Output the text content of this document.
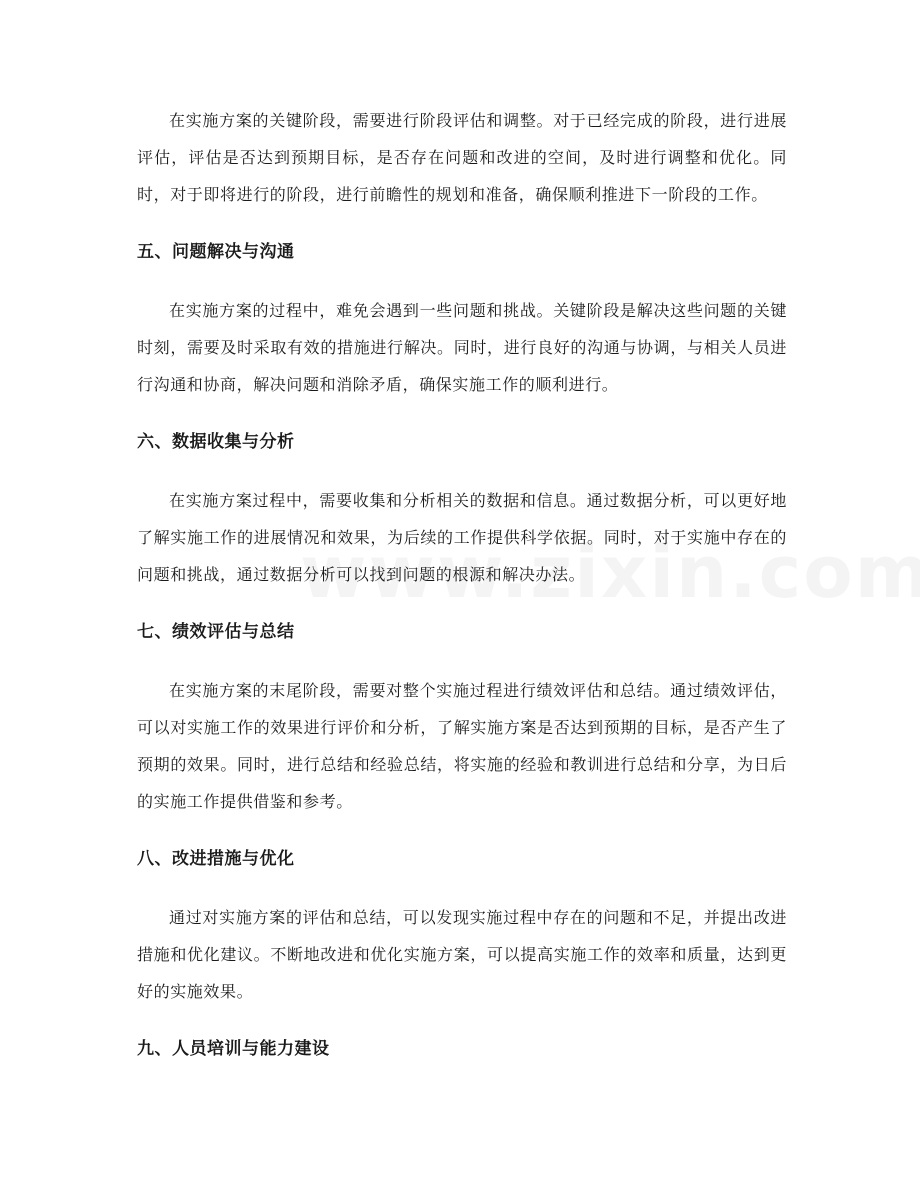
在实施方案的关键阶段，需要进行阶段评估和调整。对于已经完成的阶段，进行进展评估，评估是否达到预期目标，是否存在问题和改进的空间，及时进行调整和优化。同时，对于即将进行的阶段，进行前瞻性的规划和准备，确保顺利推进下一阶段的工作。

五、问题解决与沟通

在实施方案的过程中，难免会遇到一些问题和挑战。关键阶段是解决这些问题的关键时刻，需要及时采取有效的措施进行解决。同时，进行良好的沟通与协调，与相关人员进行沟通和协商，解决问题和消除矛盾，确保实施工作的顺利进行。

六、数据收集与分析

在实施方案过程中，需要收集和分析相关的数据和信息。通过数据分析，可以更好地了解实施工作的进展情况和效果，为后续的工作提供科学依据。同时，对于实施中存在的问题和挑战，通过数据分析可以找到问题的根源和解决办法。

七、绩效评估与总结

在实施方案的末尾阶段，需要对整个实施过程进行绩效评估和总结。通过绩效评估，可以对实施工作的效果进行评价和分析，了解实施方案是否达到预期的目标，是否产生了预期的效果。同时，进行总结和经验总结，将实施的经验和教训进行总结和分享，为日后的实施工作提供借鉴和参考。

八、改进措施与优化

通过对实施方案的评估和总结，可以发现实施过程中存在的问题和不足，并提出改进措施和优化建议。不断地改进和优化实施方案，可以提高实施工作的效率和质量，达到更好的实施效果。

九、人员培训与能力建设
